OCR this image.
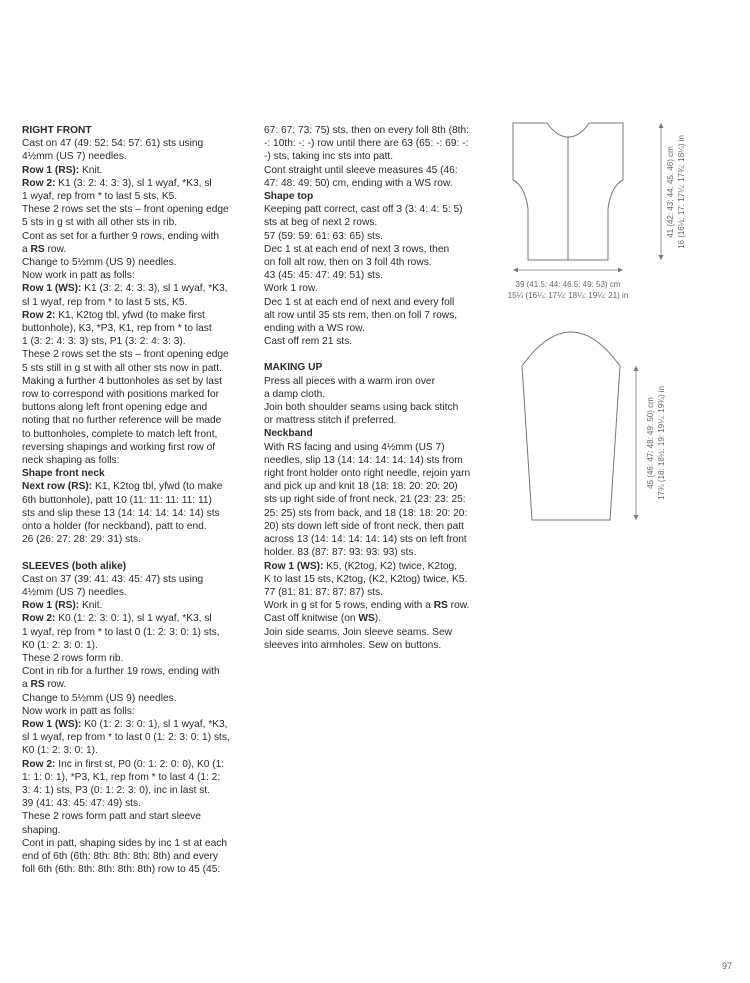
RIGHT FRONT

Cast on 47 (49: 52: 54: 57: 61) sts using
4½mm (US 7) needles.

Row 1 (RS): Knit.

Row 2: K1 (3: 2: 4: 3: 3), sl 1 wyaf, *K3, sl
1 wyaf, rep from * to last 5 sts, K5.

These 2 rows set the sts – front opening edge
5 sts in g st with all other sts in rib.

Cont as set for a further 9 rows, ending with
a RS row.

Change to 5½mm (US 9) needles.

Now work in patt as folls:

Row 1 (WS): K1 (3: 2: 4: 3: 3), sl 1 wyaf, *K3,
sl 1 wyaf, rep from * to last 5 sts, K5.

Row 2: K1, K2tog tbl, yfwd (to make first
buttonhole), K3, *P3, K1, rep from * to last
1 (3: 2: 4: 3: 3) sts, P1 (3: 2: 4: 3: 3).

These 2 rows set the sts – front opening edge
5 sts still in g st with all other sts now in patt.
Making a further 4 buttonholes as set by last
row to correspond with positions marked for
buttons along left front opening edge and
noting that no further reference will be made
to buttonholes, complete to match left front,
reversing shapings and working first row of
neck shaping as folls:

Shape front neck

Next row (RS): K1, K2tog tbl, yfwd (to make
6th buttonhole), patt 10 (11: 11: 11: 11: 11)
sts and slip these 13 (14: 14: 14: 14: 14) sts
onto a holder (for neckband), patt to end.
26 (26: 27: 28: 29: 31) sts.

SLEEVES (both alike)

Cast on 37 (39: 41: 43: 45: 47) sts using
4½mm (US 7) needles.

Row 1 (RS): Knit.

Row 2: K0 (1: 2: 3: 0: 1), sl 1 wyaf, *K3, sl
1 wyaf, rep from * to last 0 (1: 2: 3: 0: 1) sts,
K0 (1: 2: 3: 0: 1).

These 2 rows form rib.

Cont in rib for a further 19 rows, ending with
a RS row.

Change to 5½mm (US 9) needles.

Now work in patt as folls:

Row 1 (WS): K0 (1: 2: 3: 0: 1), sl 1 wyaf, *K3,
sl 1 wyaf, rep from * to last 0 (1: 2: 3: 0: 1) sts,
K0 (1: 2: 3: 0: 1).

Row 2: Inc in first st, P0 (0: 1: 2: 0: 0), K0 (1:
1: 1: 0: 1), *P3, K1, rep from * to last 4 (1: 2:
3: 4: 1) sts, P3 (0: 1: 2: 3: 0), inc in last st.
39 (41: 43: 45: 47: 49) sts.

These 2 rows form patt and start sleeve
shaping.

Cont in patt, shaping sides by inc 1 st at each
end of 6th (6th: 8th: 8th: 8th: 8th) and every
foll 6th (6th: 8th: 8th: 8th: 8th) row to 45 (45:

67: 67: 73: 75) sts, then on every foll 8th (8th:
-: 10th: -: -) row until there are 63 (65: -: 69: -:
-) sts, taking inc sts into patt.

Cont straight until sleeve measures 45 (46:
47: 48: 49: 50) cm, ending with a WS row.

Shape top

Keeping patt correct, cast off 3 (3: 4: 4: 5: 5)
sts at beg of next 2 rows.
57 (59: 59: 61: 63: 65) sts.
Dec 1 st at each end of next 3 rows, then
on foll alt row, then on 3 foll 4th rows.
43 (45: 45: 47: 49: 51) sts.
Work 1 row.
Dec 1 st at each end of next and every foll
alt row until 35 sts rem, then on foll 7 rows,
ending with a WS row.
Cast off rem 21 sts.

MAKING UP

Press all pieces with a warm iron over
a damp cloth.
Join both shoulder seams using back stitch
or mattress stitch if preferred.

Neckband

With RS facing and using 4½mm (US 7)
needles, slip 13 (14: 14: 14: 14: 14) sts from
right front holder onto right needle, rejoin yarn
and pick up and knit 18 (18: 18: 20: 20: 20)
sts up right side of front neck, 21 (23: 23: 25:
25: 25) sts from back, and 18 (18: 18: 20: 20:
20) sts down left side of front neck, then patt
across 13 (14: 14: 14: 14: 14) sts on left front
holder. 83 (87: 87: 93: 93: 93) sts.

Row 1 (WS): K5, (K2tog, K2) twice, K2tog,
K to last 15 sts, K2tog, (K2, K2tog) twice, K5.
77 (81: 81: 87: 87: 87) sts.

Work in g st for 5 rows, ending with a RS row.

Cast off knitwise (on WS).

Join side seams. Join sleeve seams. Sew
sleeves into armholes. Sew on buttons.

39 (41.5: 44: 46.5: 49: 53) cm
15¼ (16¼: 17¼: 18¼: 19¼: 21) in
41 (42: 43: 44: 45: 46) cm 16 (16½: 17: 17¼: 17¾: 18¼) in
45 (46: 47: 48: 49: 50) cm 17¾ (18: 18½: 19: 19¼: 19¾) in
97
